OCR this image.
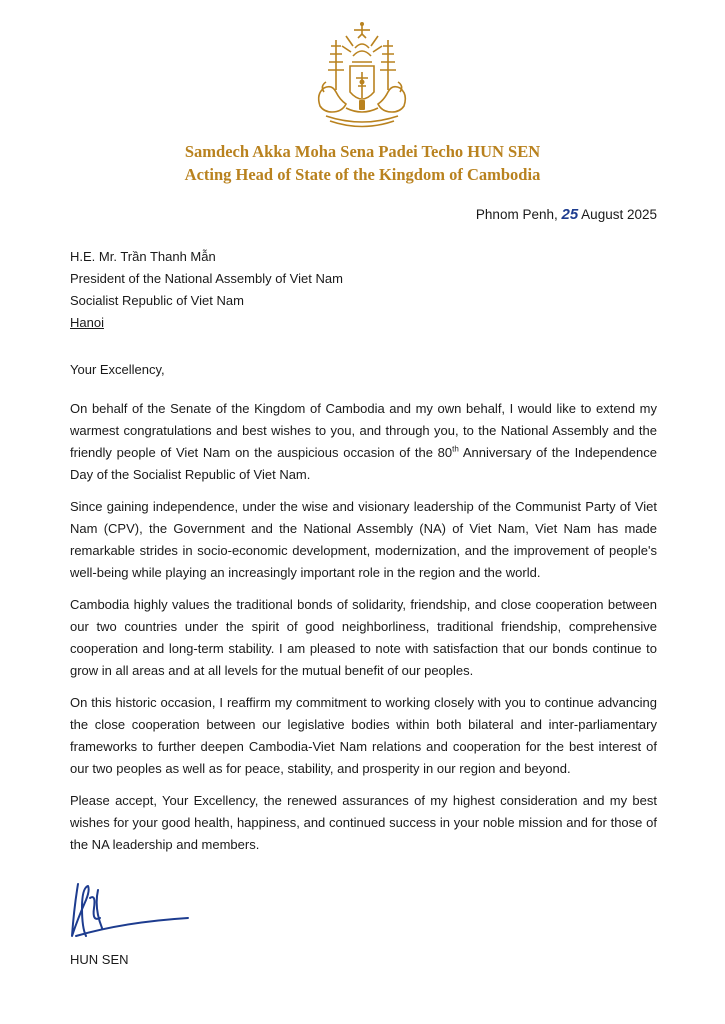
Samdech Akka Moha Sena Padei Techo HUN SEN
Acting Head of State of the Kingdom of Cambodia
Phnom Penh, 25 August 2025
H.E. Mr. Trần Thanh Mẫn
President of the National Assembly of Viet Nam
Socialist Republic of Viet Nam
Hanoi
Your Excellency,

On behalf of the Senate of the Kingdom of Cambodia and my own behalf, I would like to extend my warmest congratulations and best wishes to you, and through you, to the National Assembly and the friendly people of Viet Nam on the auspicious occasion of the 80th Anniversary of the Independence Day of the Socialist Republic of Viet Nam.

Since gaining independence, under the wise and visionary leadership of the Communist Party of Viet Nam (CPV), the Government and the National Assembly (NA) of Viet Nam, Viet Nam has made remarkable strides in socio-economic development, modernization, and the improvement of people's well-being while playing an increasingly important role in the region and the world.

Cambodia highly values the traditional bonds of solidarity, friendship, and close cooperation between our two countries under the spirit of good neighborliness, traditional friendship, comprehensive cooperation and long-term stability. I am pleased to note with satisfaction that our bonds continue to grow in all areas and at all levels for the mutual benefit of our peoples.

On this historic occasion, I reaffirm my commitment to working closely with you to continue advancing the close cooperation between our legislative bodies within both bilateral and inter-parliamentary frameworks to further deepen Cambodia-Viet Nam relations and cooperation for the best interest of our two peoples as well as for peace, stability, and prosperity in our region and beyond.

Please accept, Your Excellency, the renewed assurances of my highest consideration and my best wishes for your good health, happiness, and continued success in your noble mission and for those of the NA leadership and members.

HUN SEN
